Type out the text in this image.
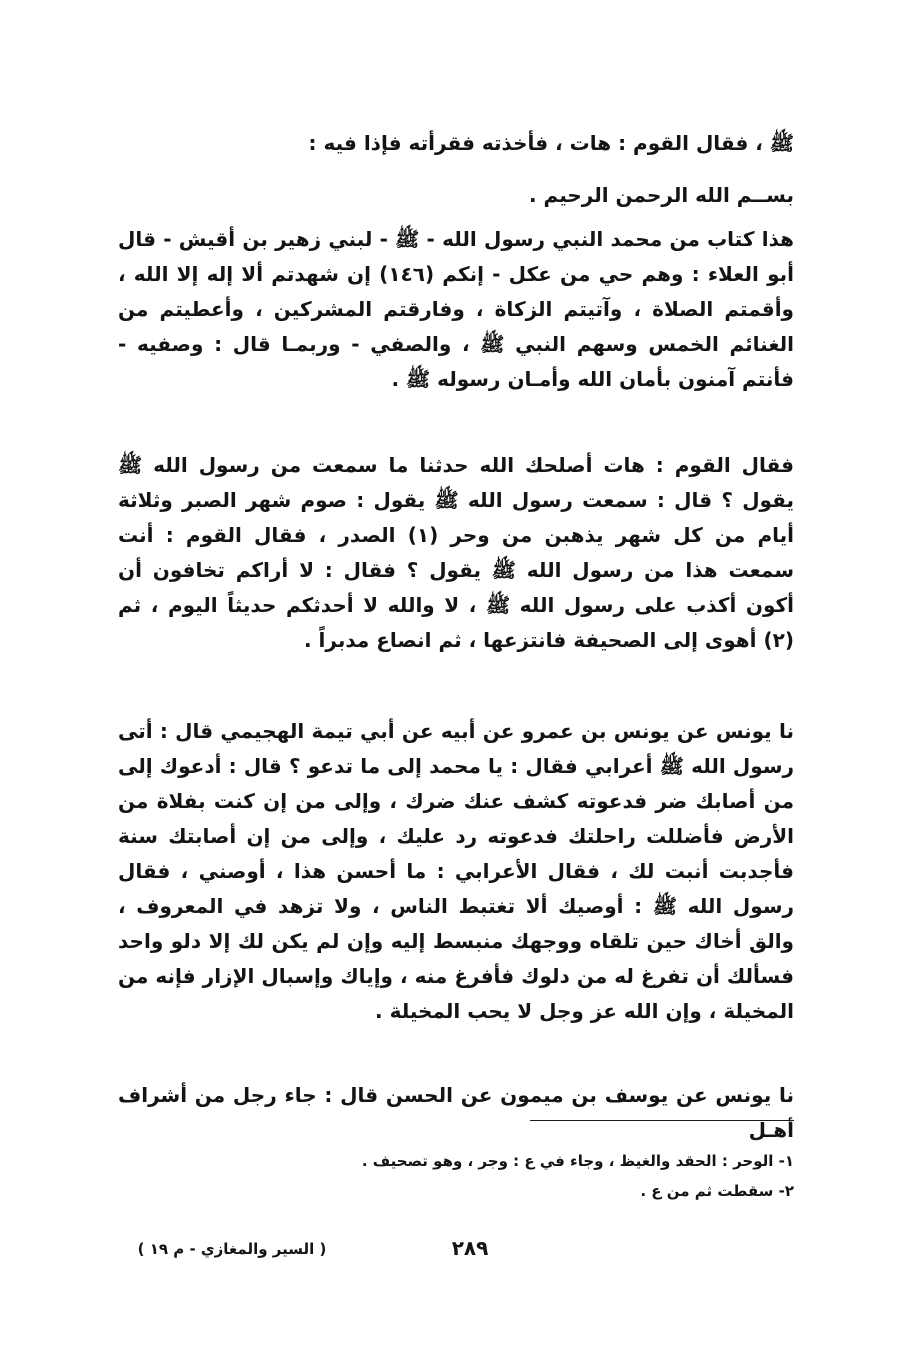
ﷺ ، فقال القوم : هات ، فأخذته فقرأته فإذا فيه :

بســم الله الرحمن الرحيم .

هذا كتاب من محمد النبي رسول الله - ﷺ - لبني زهير بن أقيش - قال أبو العلاء : وهم حي من عكل - إنكم (١٤٦) إن شهدتم ألا إله إلا الله ، وأقمتم الصلاة ، وآتيتم الزكاة ، وفارقتم المشركين ، وأعطيتم من الغنائم الخمس وسهم النبي ﷺ ، والصفي - وربمـا قال : وصفيه - فأنتم آمنون بأمان الله وأمـان رسوله ﷺ .

فقال القوم : هات أصلحك الله حدثنا ما سمعت من رسول الله ﷺ يقول ؟ قال : سمعت رسول الله ﷺ يقول : صوم شهر الصبر وثلاثة أيام من كل شهر يذهبن من وحر (١) الصدر ، فقال القوم : أنت سمعت هذا من رسول الله ﷺ يقول ؟ فقال : لا أراكم تخافون أن أكون أكذب على رسول الله ﷺ ، لا والله لا أحدثكم حديثاً اليوم ، ثم (٢) أهوى إلى الصحيفة فانتزعها ، ثم انصاع مدبراً .

نا يونس عن يونس بن عمرو عن أبيه عن أبي تيمة الهجيمي قال : أتى رسول الله ﷺ أعرابي فقال : يا محمد إلى ما تدعو ؟ قال : أدعوك إلى من أصابك ضر فدعوته كشف عنك ضرك ، وإلى من إن كنت بفلاة من الأرض فأضللت راحلتك فدعوته رد عليك ، وإلى من إن أصابتك سنة فأجدبت أنبت لك ، فقال الأعرابي : ما أحسن هذا ، أوصني ، فقال رسول الله ﷺ : أوصيك ألا تغتبط الناس ، ولا تزهد في المعروف ، والق أخاك حين تلقاه ووجهك منبسط إليه وإن لم يكن لك إلا دلو واحد فسألك أن تفرغ له من دلوك فأفرغ منه ، وإياك وإسبال الإزار فإنه من المخيلة ، وإن الله عز وجل لا يحب المخيلة .

نا يونس عن يوسف بن ميمون عن الحسن قال : جاء رجل من أشراف أهـل

١- الوحر : الحقد والغيظ ، وجاء في ع : وجر ، وهو تصحيف .
٢- سقطت ثم من ع .
٢٨٩
( السير والمغازي - م ١٩ )
